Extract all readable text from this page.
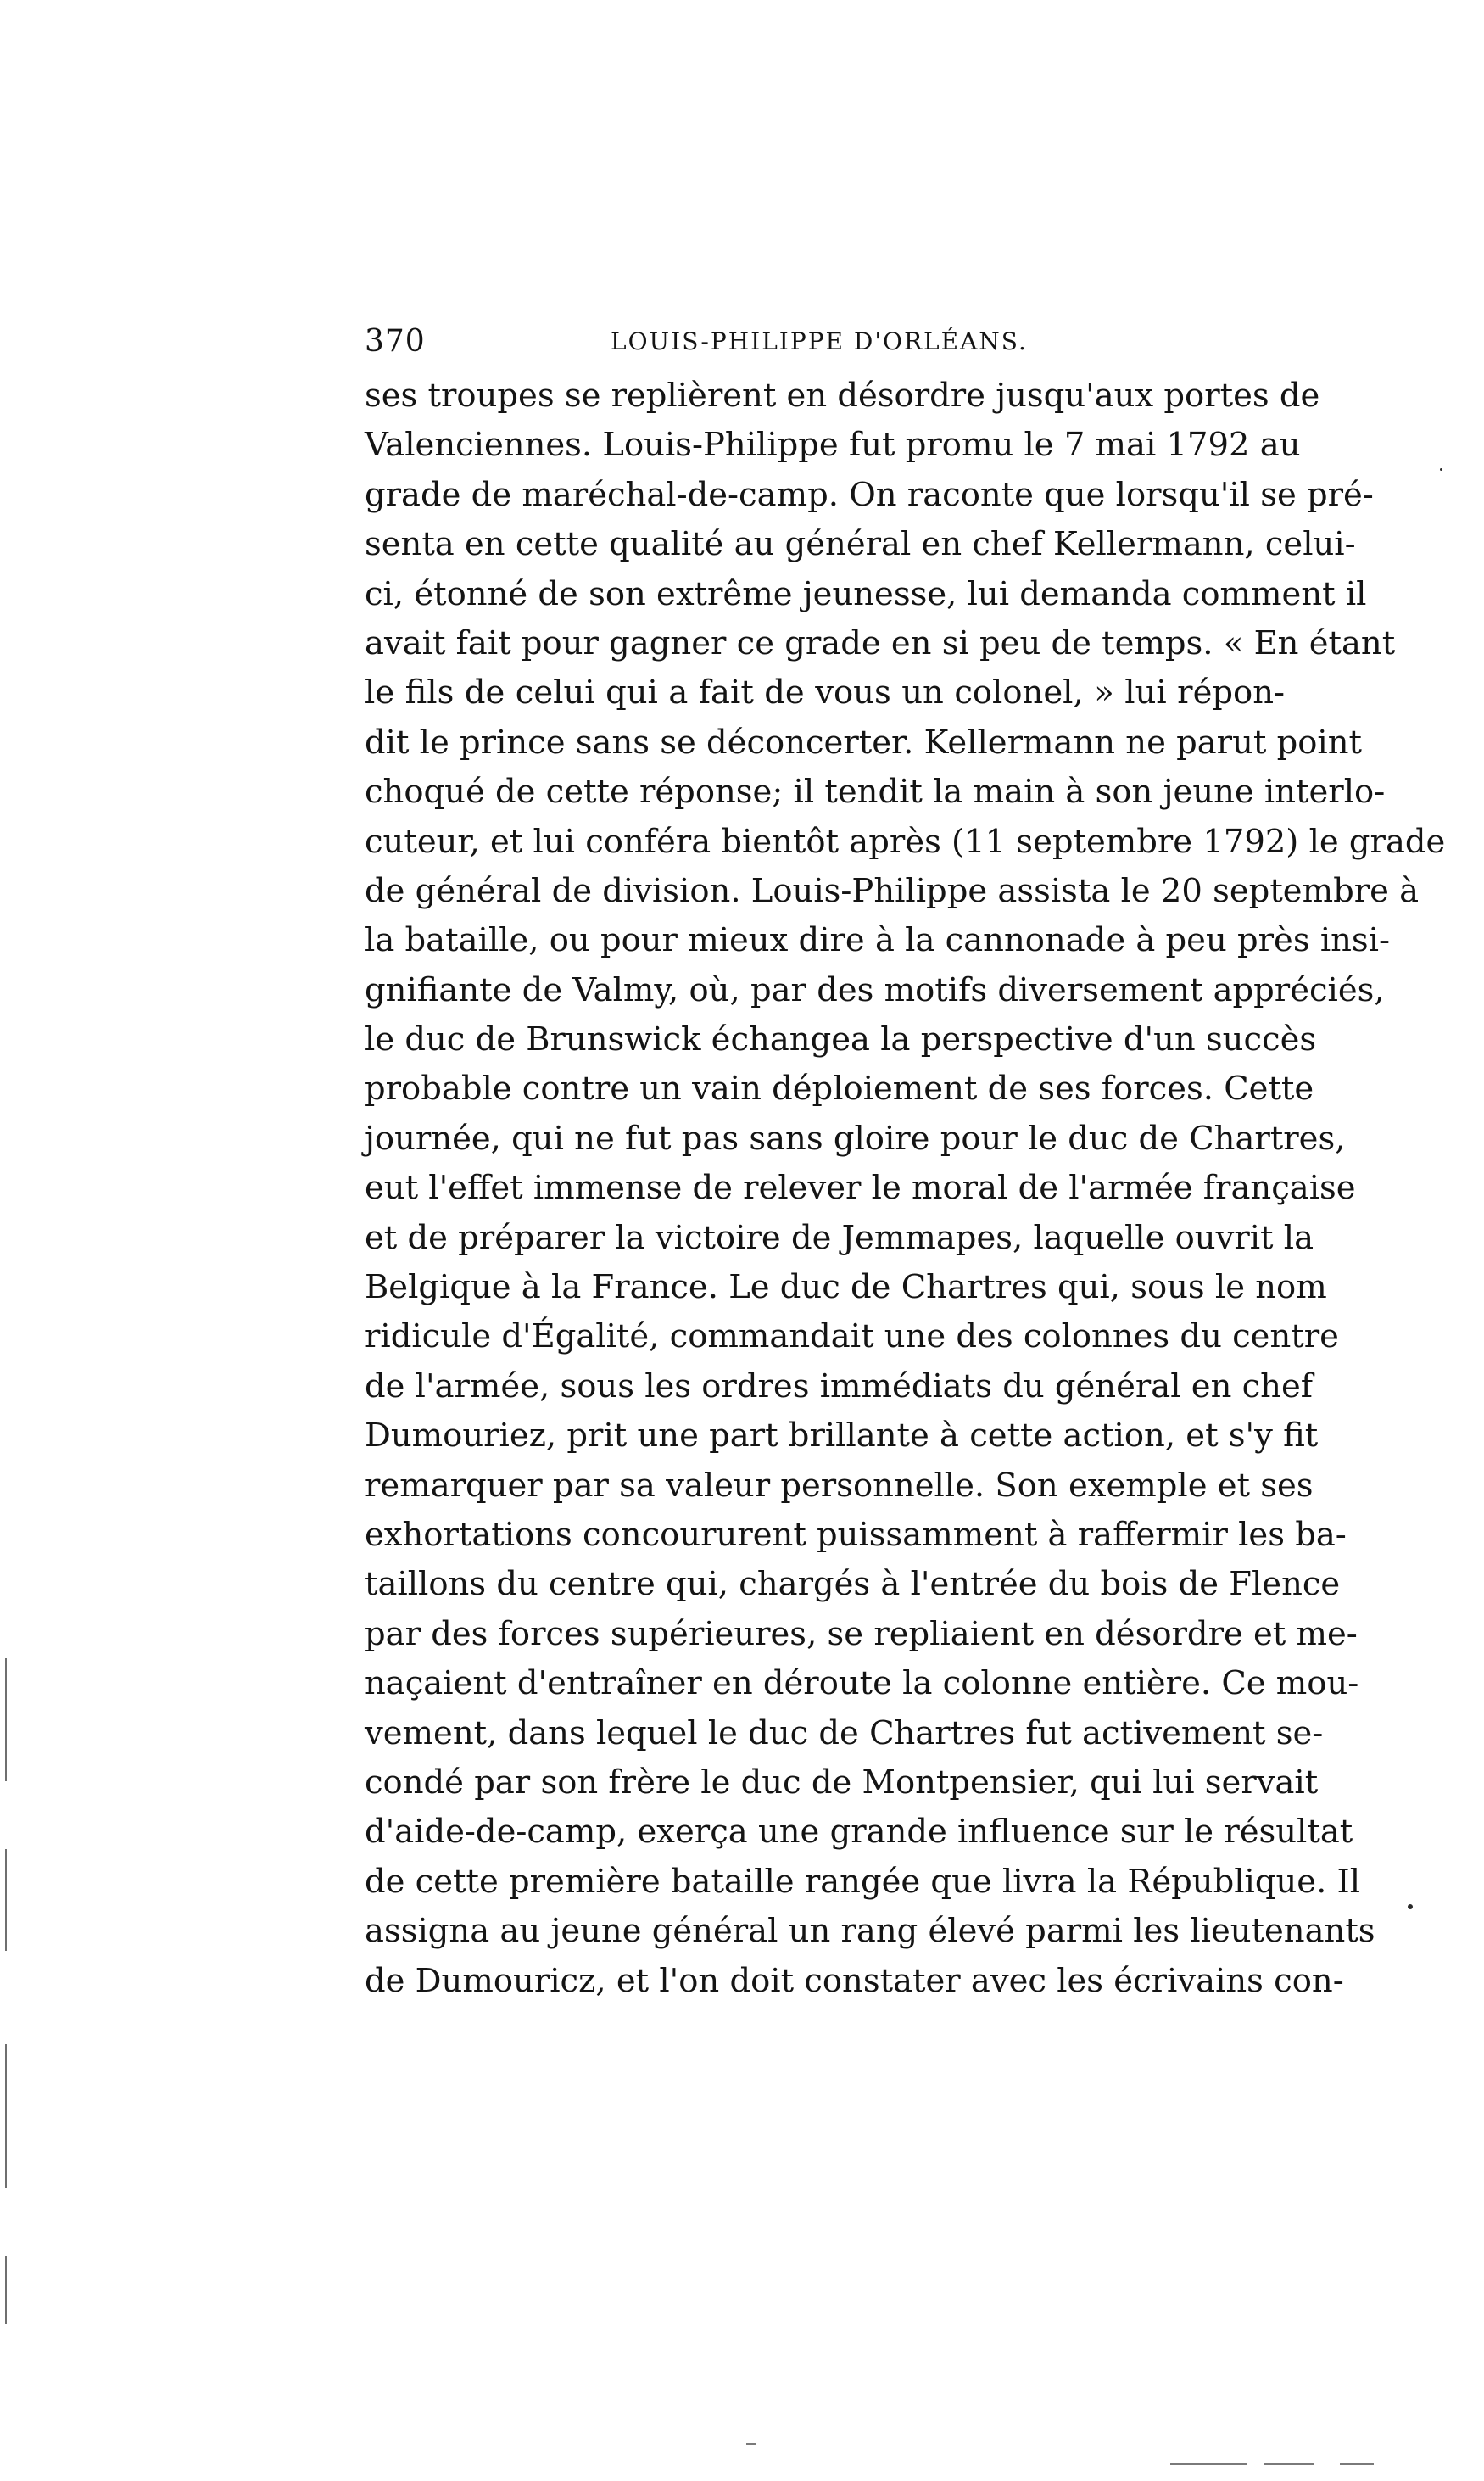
370	LOUIS-PHILIPPE D'ORLÉANS.
ses troupes se replièrent en désordre jusqu'aux portes de
Valenciennes. Louis-Philippe fut promu le 7 mai 1792 au
grade de maréchal-de-camp. On raconte que lorsqu'il se pré-
senta en cette qualité au général en chef Kellermann, celui-
ci, étonné de son extrême jeunesse, lui demanda comment il
avait fait pour gagner ce grade en si peu de temps. « En étant
le fils de celui qui a fait de vous un colonel, » lui répon-
dit le prince sans se déconcerter. Kellermann ne parut point
choqué de cette réponse; il tendit la main à son jeune interlo-
cuteur, et lui conféra bientôt après (11 septembre 1792) le grade
de général de division. Louis-Philippe assista le 20 septembre à
la bataille, ou pour mieux dire à la cannonade à peu près insi-
gnifiante de Valmy, où, par des motifs diversement appréciés,
le duc de Brunswick échangea la perspective d'un succès
probable contre un vain déploiement de ses forces. Cette
journée, qui ne fut pas sans gloire pour le duc de Chartres,
eut l'effet immense de relever le moral de l'armée française
et de préparer la victoire de Jemmapes, laquelle ouvrit la
Belgique à la France. Le duc de Chartres qui, sous le nom
ridicule d'Égalité, commandait une des colonnes du centre
de l'armée, sous les ordres immédiats du général en chef
Dumouriez, prit une part brillante à cette action, et s'y fit
remarquer par sa valeur personnelle. Son exemple et ses
exhortations concoururent puissamment à raffermir les ba-
taillons du centre qui, chargés à l'entrée du bois de Flence
par des forces supérieures, se repliaient en désordre et me-
naçaient d'entraîner en déroute la colonne entière. Ce mou-
vement, dans lequel le duc de Chartres fut activement se-
condé par son frère le duc de Montpensier, qui lui servait
d'aide-de-camp, exerça une grande influence sur le résultat
de cette première bataille rangée que livra la République. Il
assigna au jeune général un rang élevé parmi les lieutenants
de Dumouricz, et l'on doit constater avec les écrivains con-
